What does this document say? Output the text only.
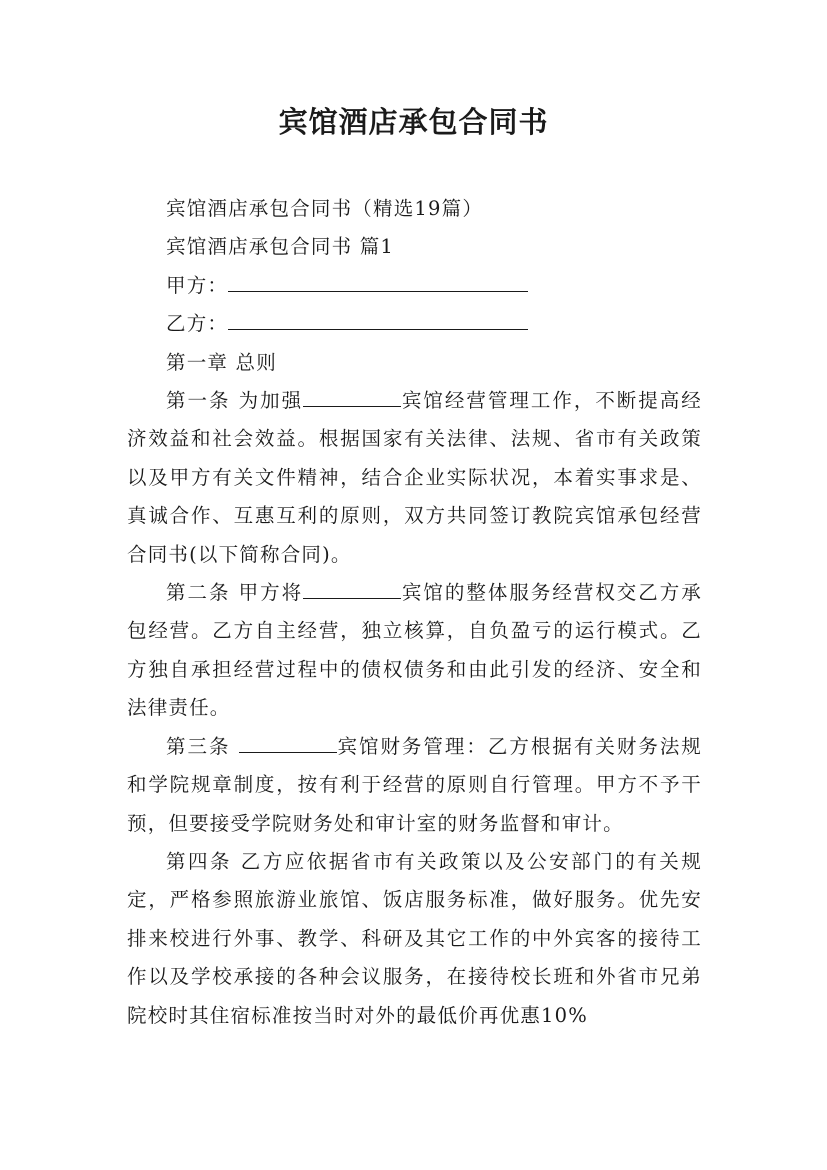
宾馆酒店承包合同书

宾馆酒店承包合同书（精选19篇）

宾馆酒店承包合同书 篇1

甲方：

乙方：

第一章 总则

第一条 为加强	宾馆经营管理工作，不断提高经济效益和社会效益。根据国家有关法律、法规、省市有关政策以及甲方有关文件精神，结合企业实际状况，本着实事求是、真诚合作、互惠互利的原则，双方共同签订教院宾馆承包经营合同书(以下简称合同)。

第二条 甲方将	宾馆的整体服务经营权交乙方承包经营。乙方自主经营，独立核算，自负盈亏的运行模式。乙方独自承担经营过程中的债权债务和由此引发的经济、安全和法律责任。

第三条	宾馆财务管理：乙方根据有关财务法规和学院规章制度，按有利于经营的原则自行管理。甲方不予干预，但要接受学院财务处和审计室的财务监督和审计。

第四条 乙方应依据省市有关政策以及公安部门的有关规定，严格参照旅游业旅馆、饭店服务标准，做好服务。优先安排来校进行外事、教学、科研及其它工作的中外宾客的接待工作以及学校承接的各种会议服务，在接待校长班和外省市兄弟院校时其住宿标准按当时对外的最低价再优惠10%
